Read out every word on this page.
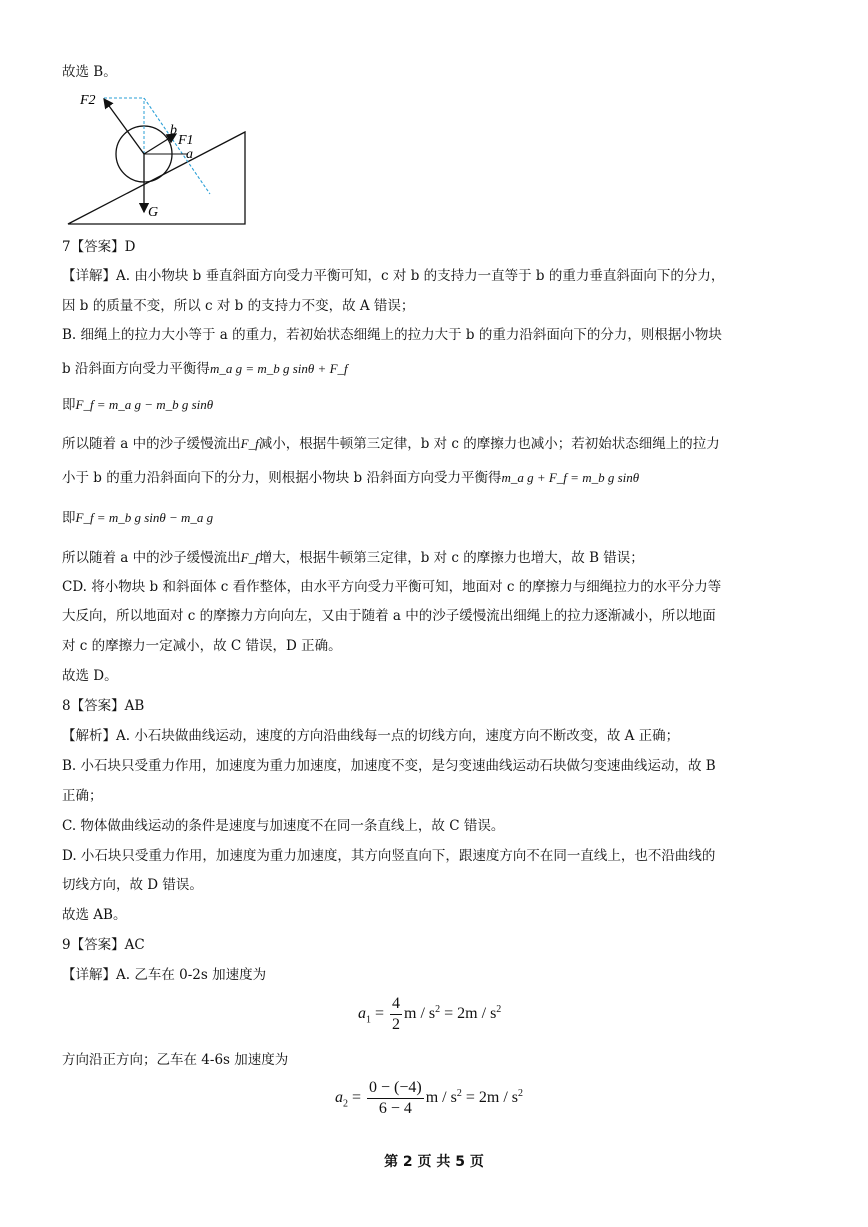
故选 B。
F2
b
F1
a
G
7【答案】D
【详解】A. 由小物块 b 垂直斜面方向受力平衡可知，c 对 b 的支持力一直等于 b 的重力垂直斜面向下的分力，
因 b 的质量不变，所以 c 对 b 的支持力不变，故 A 错误；
B. 细绳上的拉力大小等于 a 的重力，若初始状态细绳上的拉力大于 b 的重力沿斜面向下的分力，则根据小物块
b 沿斜面方向受力平衡得m_a g = m_b g sinθ + F_f
即F_f = m_a g − m_b g sinθ
所以随着 a 中的沙子缓慢流出F_f减小，根据牛顿第三定律，b 对 c 的摩擦力也减小；若初始状态细绳上的拉力
小于 b 的重力沿斜面向下的分力，则根据小物块 b 沿斜面方向受力平衡得m_a g + F_f = m_b g sinθ
即F_f = m_b g sinθ − m_a g
所以随着 a 中的沙子缓慢流出F_f增大，根据牛顿第三定律，b 对 c 的摩擦力也增大，故 B 错误；
CD. 将小物块 b 和斜面体 c 看作整体，由水平方向受力平衡可知，地面对 c 的摩擦力与细绳拉力的水平分力等
大反向，所以地面对 c 的摩擦力方向向左，又由于随着 a 中的沙子缓慢流出细绳上的拉力逐渐减小，所以地面
对 c 的摩擦力一定减小，故 C 错误，D 正确。
故选 D。
8【答案】AB
【解析】A. 小石块做曲线运动，速度的方向沿曲线每一点的切线方向，速度方向不断改变，故 A 正确；
B. 小石块只受重力作用，加速度为重力加速度，加速度不变，是匀变速曲线运动石块做匀变速曲线运动，故 B
正确；
C. 物体做曲线运动的条件是速度与加速度不在同一条直线上，故 C 错误。
D. 小石块只受重力作用，加速度为重力加速度，其方向竖直向下，跟速度方向不在同一直线上，也不沿曲线的
切线方向，故 D 错误。
故选 AB。
9【答案】AC
【详解】A. 乙车在 0-2s 加速度为
$a_1 = \frac{4}{2}$ $m / s^2 = 2m / s^2$
方向沿正方向；乙车在 4-6s 加速度为
$a_2 = \frac{0 - (-4)}{6 - 4}$ $m / s^2 = 2m / s^2$
第 2 页 共 5 页
